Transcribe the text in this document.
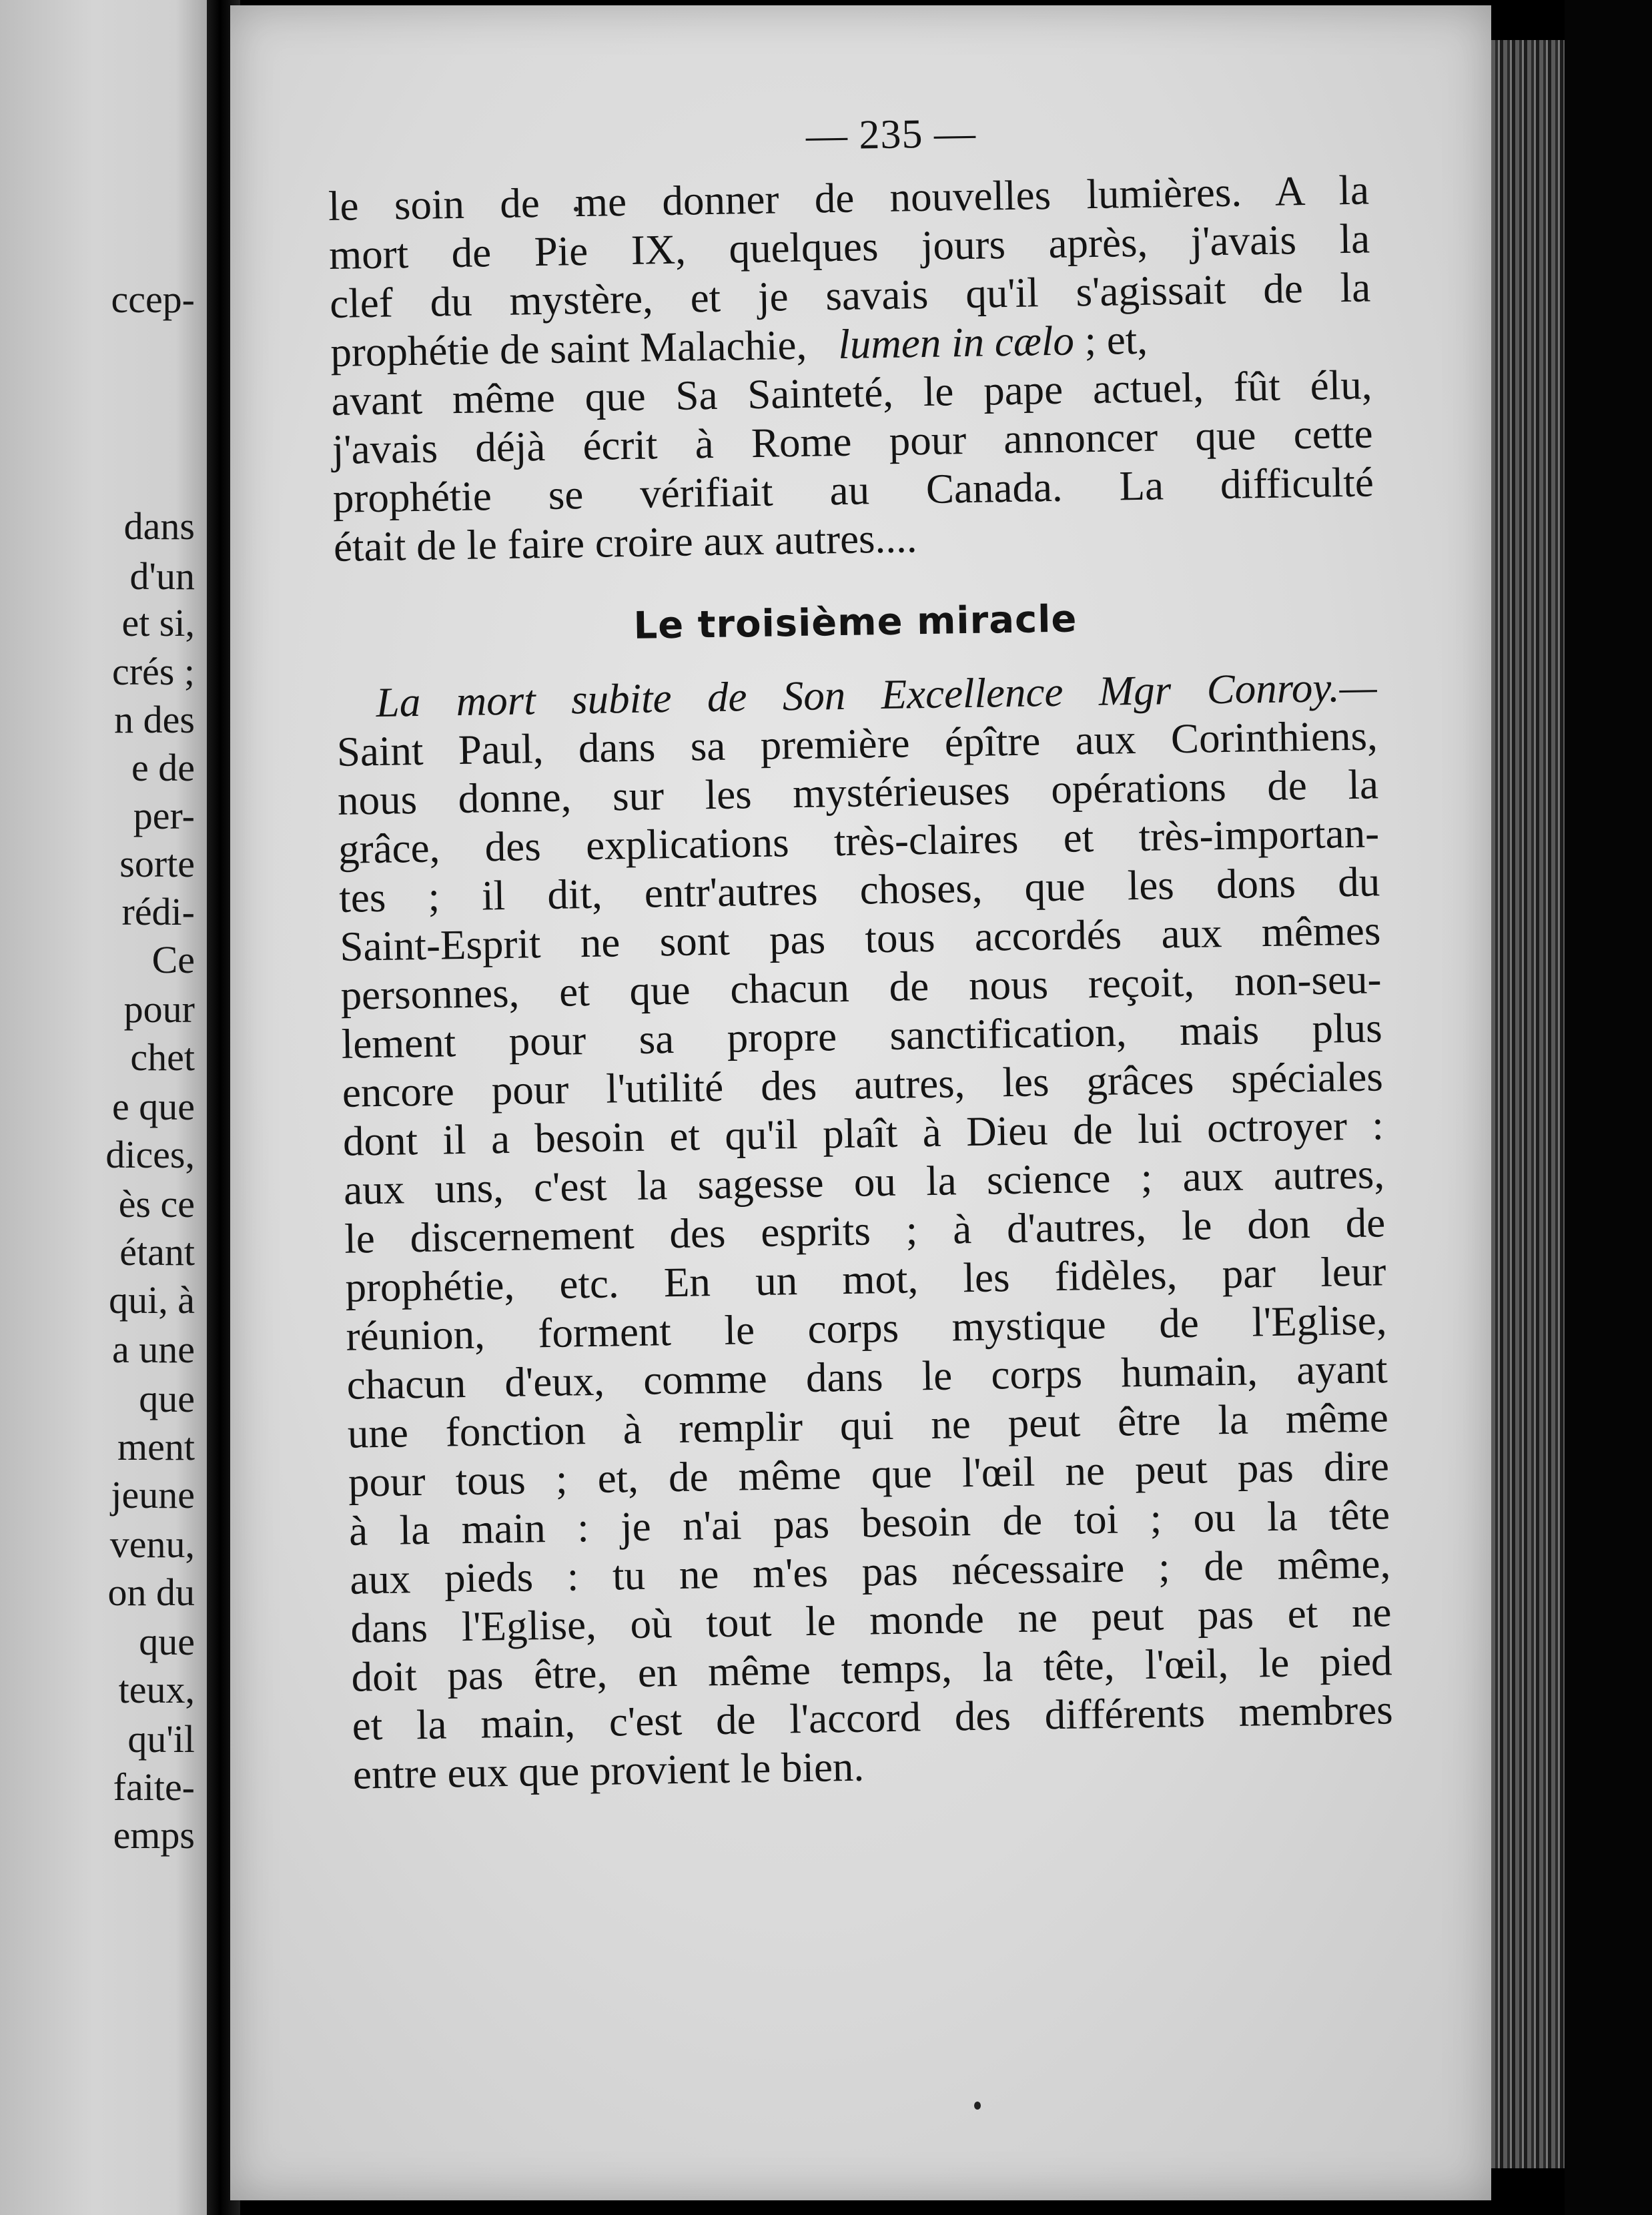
ccep-
dans
d'un
et si,
crés ;
n des
e de
per-
sorte
rédi-
Ce
pour
chet
e que
dices,
ès ce
étant
qui, à
a une
que
ment
jeune
venu,
on du
que
teux,
qu'il
faite-
emps
— 235 —
le soin de me donner de nouvelles lumières. A la
mort de Pie IX, quelques jours après, j'avais la
clef du mystère, et je savais qu'il s'agissait de la
prophétie de saint Malachie, lumen in cælo ; et,
avant même que Sa Sainteté, le pape actuel, fût élu,
j'avais déjà écrit à Rome pour annoncer que cette
prophétie se vérifiait au Canada. La difficulté
était de le faire croire aux autres....
Le troisième miracle
La mort subite de Son Excellence Mgr Conroy.—
Saint Paul, dans sa première épître aux Corinthiens,
nous donne, sur les mystérieuses opérations de la
grâce, des explications très-claires et très-importan-
tes ; il dit, entr'autres choses, que les dons du
Saint-Esprit ne sont pas tous accordés aux mêmes
personnes, et que chacun de nous reçoit, non-seu-
lement pour sa propre sanctification, mais plus
encore pour l'utilité des autres, les grâces spéciales
dont il a besoin et qu'il plaît à Dieu de lui octroyer :
aux uns, c'est la sagesse ou la science ; aux autres,
le discernement des esprits ; à d'autres, le don de
prophétie, etc. En un mot, les fidèles, par leur
réunion, forment le corps mystique de l'Eglise,
chacun d'eux, comme dans le corps humain, ayant
une fonction à remplir qui ne peut être la même
pour tous ; et, de même que l'œil ne peut pas dire
à la main : je n'ai pas besoin de toi ; ou la tête
aux pieds : tu ne m'es pas nécessaire ; de même,
dans l'Eglise, où tout le monde ne peut pas et ne
doit pas être, en même temps, la tête, l'œil, le pied
et la main, c'est de l'accord des différents membres
entre eux que provient le bien.
